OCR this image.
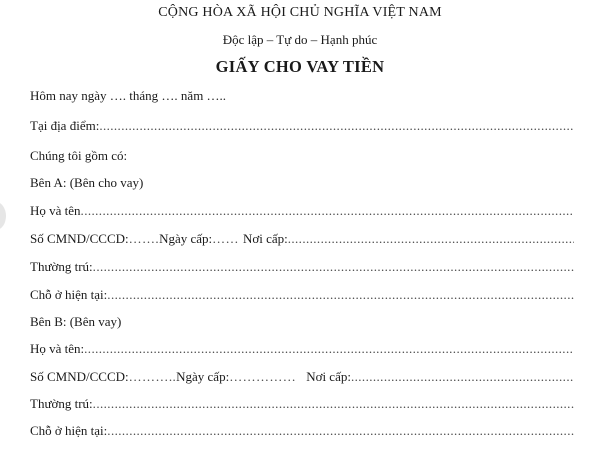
CỘNG HÒA XÃ HỘI CHỦ NGHĨA VIỆT NAM
Độc lập – Tự do – Hạnh phúc
GIẤY CHO VAY TIỀN
Hôm nay ngày …. tháng …. năm …..
Tại địa điểm:
.....
Chúng tôi gồm có:
Bên A: (Bên cho vay)
Họ và tên
.....
Số CMND/CCCD: ……. Ngày cấp: …… Nơi cấp:
.....
Thường trú:
.....
Chỗ ở hiện tại:
.....
Bên B: (Bên vay)
Họ và tên:
.....
Số CMND/CCCD: ……….. Ngày cấp: …………… Nơi cấp:
.....
Thường trú:
.....
Chỗ ở hiện tại:
.....
